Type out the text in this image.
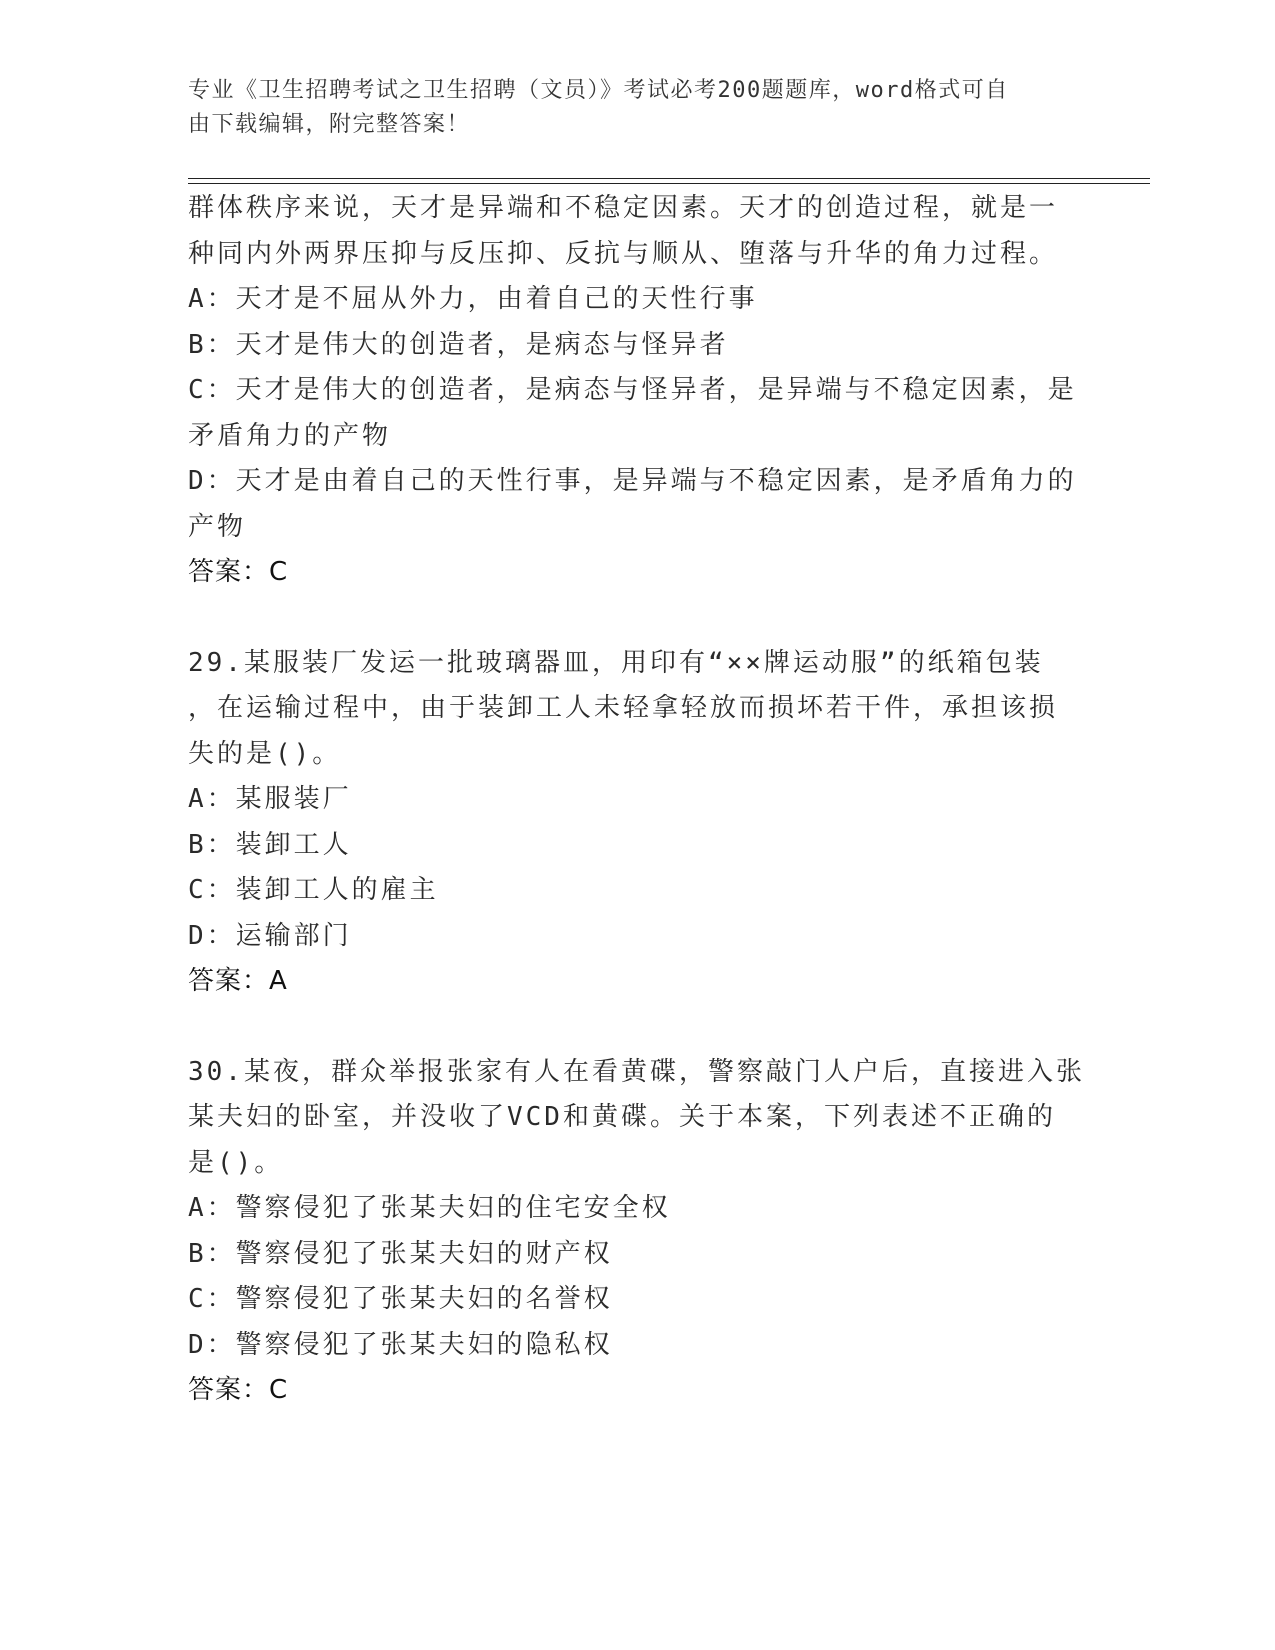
专业《卫生招聘考试之卫生招聘（文员）》考试必考200题题库，word格式可自
由下载编辑，附完整答案！
群体秩序来说，天才是异端和不稳定因素。天才的创造过程，就是一
种同内外两界压抑与反压抑、反抗与顺从、堕落与升华的角力过程。
A：天才是不屈从外力，由着自己的天性行事
B：天才是伟大的创造者，是病态与怪异者
C：天才是伟大的创造者，是病态与怪异者，是异端与不稳定因素，是
矛盾角力的产物
D：天才是由着自己的天性行事，是异端与不稳定因素，是矛盾角力的
产物
答案：C
29.某服装厂发运一批玻璃器皿，用印有“××牌运动服”的纸箱包装
，在运输过程中，由于装卸工人未轻拿轻放而损坏若干件，承担该损
失的是()。
A：某服装厂
B：装卸工人
C：装卸工人的雇主
D：运输部门
答案：A
30.某夜，群众举报张家有人在看黄碟，警察敲门人户后，直接进入张
某夫妇的卧室，并没收了VCD和黄碟。关于本案，下列表述不正确的
是()。
A：警察侵犯了张某夫妇的住宅安全权
B：警察侵犯了张某夫妇的财产权
C：警察侵犯了张某夫妇的名誉权
D：警察侵犯了张某夫妇的隐私权
答案：C
